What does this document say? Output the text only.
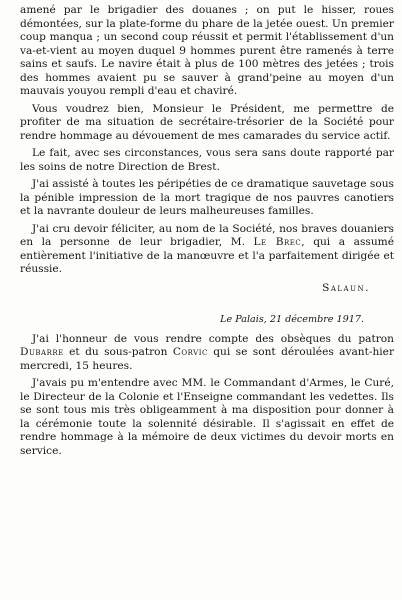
amené par le brigadier des douanes ; on put le hisser, roues démontées, sur la plate-forme du phare de la jetée ouest. Un premier coup manqua ; un second coup réussit et permit l'établissement d'un va-et-vient au moyen duquel 9 hommes purent être ramenés à terre sains et saufs. Le navire était à plus de 100 mètres des jetées ; trois des hommes avaient pu se sauver à grand'peine au moyen d'un mauvais youyou rempli d'eau et chaviré.

Vous voudrez bien, Monsieur le Président, me permettre de profiter de ma situation de secrétaire-trésorier de la Société pour rendre hommage au dévouement de mes camarades du service actif.

Le fait, avec ses circonstances, vous sera sans doute rapporté par les soins de notre Direction de Brest.

J'ai assisté à toutes les péripéties de ce dramatique sauvetage sous la pénible impression de la mort tragique de nos pauvres canotiers et la navrante douleur de leurs malheureuses familles.

J'ai cru devoir féliciter, au nom de la Société, nos braves douaniers en la personne de leur brigadier, M. Le Brec, qui a assumé entièrement l'initiative de la manœuvre et l'a parfaitement dirigée et réussie.

Salaun.
Le Palais, 21 décembre 1917.

J'ai l'honneur de vous rendre compte des obsèques du patron Dubarre et du sous-patron Corvic qui se sont déroulées avant-hier mercredi, 15 heures.

J'avais pu m'entendre avec MM. le Commandant d'Armes, le Curé, le Directeur de la Colonie et l'Enseigne commandant les vedettes. Ils se sont tous mis très obligeamment à ma disposition pour donner à la cérémonie toute la solennité désirable. Il s'agissait en effet de rendre hommage à la mémoire de deux victimes du devoir morts en service.
